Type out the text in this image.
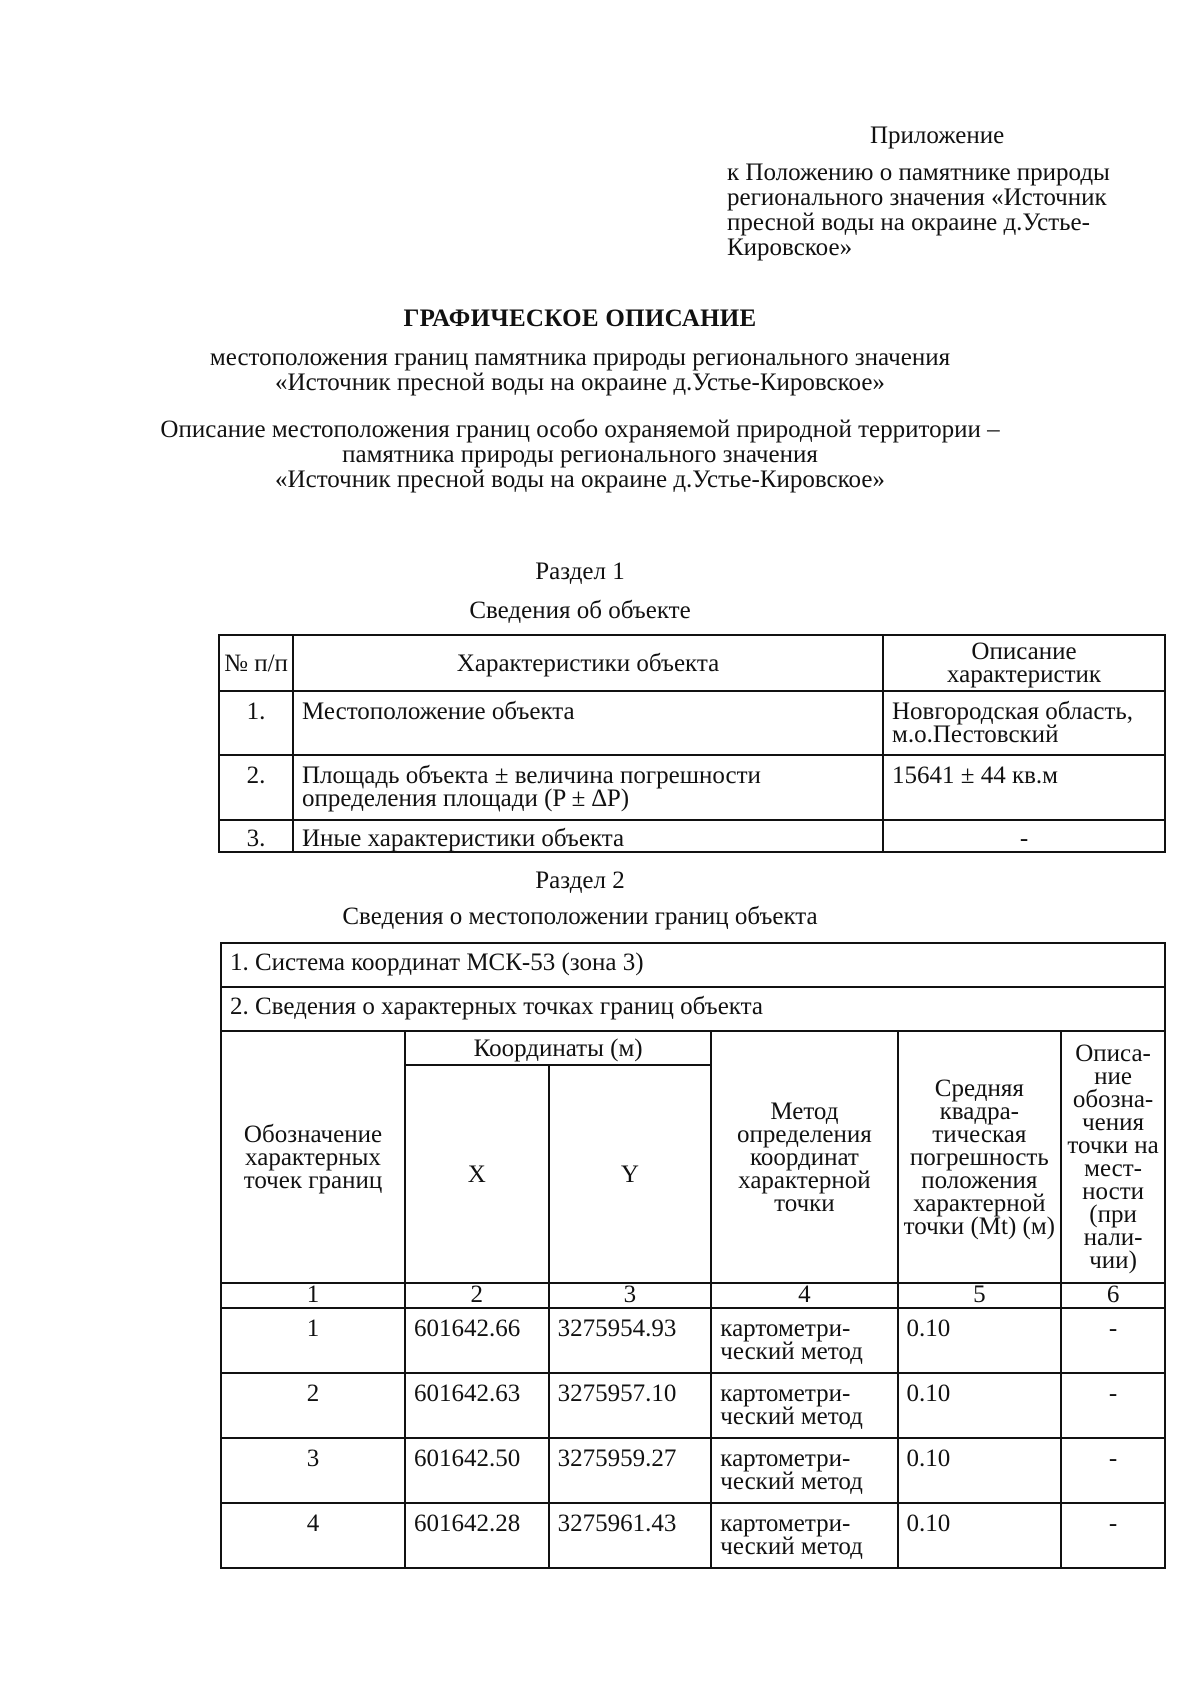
Приложение
к Положению о памятнике природы регионального значения «Источник пресной воды на окраине д.Устье-Кировское»
ГРАФИЧЕСКОЕ ОПИСАНИЕ
местоположения границ памятника природы регионального значения
«Источник пресной воды на окраине д.Устье-Кировское»
Описание местоположения границ особо охраняемой природной территории –
памятника природы регионального значения
«Источник пресной воды на окраине д.Устье-Кировское»
Раздел 1
Сведения об объекте
№ п/п	Характеристики объекта	Описание характеристик
1.	Местоположение объекта	Новгородская область, м.о.Пестовский
2.	Площадь объекта ± величина погрешности определения площади (P ± ∆P)	15641 ± 44 кв.м
3.	Иные характеристики объекта	-
Раздел 2
Сведения о местоположении границ объекта
1. Система координат МСК-53 (зона 3)					
2. Сведения о характерных точках границ объекта					
Обозначение характерных точек границ	Координаты (м)		Метод определения координат характерной точки	Средняя квадра-тическая погрешность положения характерной точки (Mt) (м)	Описа-ние обозна-чения точки на мест-ности (при нали-чии)
	X	Y			
1	2	3	4	5	6
1	601642.66	3275954.93	картометри-ческий метод	0.10	-
2	601642.63	3275957.10	картометри-ческий метод	0.10	-
3	601642.50	3275959.27	картометри-ческий метод	0.10	-
4	601642.28	3275961.43	картометри-ческий метод	0.10	-
